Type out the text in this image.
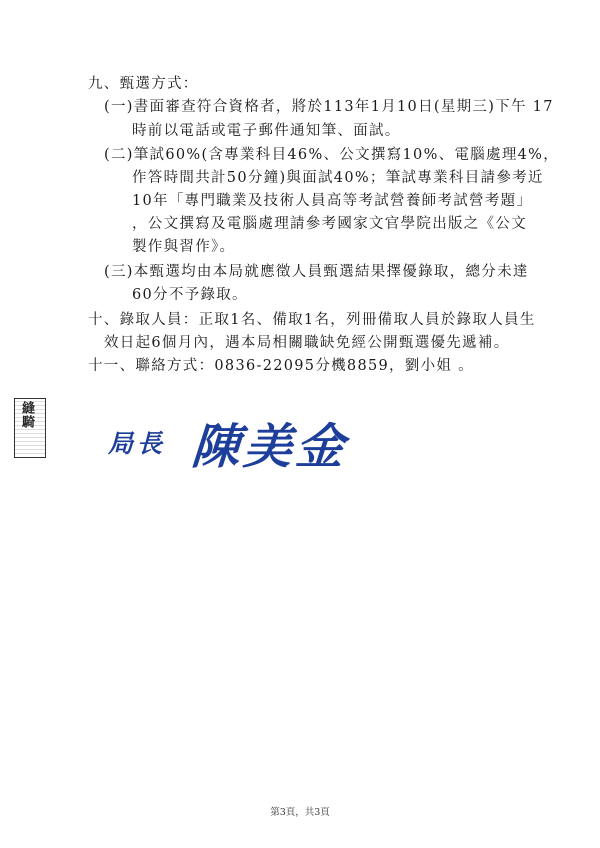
九、甄選方式：
(一)書面審查符合資格者，將於113年1月10日(星期三)下午 17
時前以電話或電子郵件通知筆、面試。
(二)筆試60%(含專業科目46%、公文撰寫10%、電腦處理4%，
作答時間共計50分鐘)與面試40%；筆試專業科目請參考近
10年「專門職業及技術人員高等考試營養師考試營考題」
，公文撰寫及電腦處理請參考國家文官學院出版之《公文
製作與習作》。
(三)本甄選均由本局就應徵人員甄選結果擇優錄取，總分未達
60分不予錄取。
十、錄取人員：正取1名、備取1名，列冊備取人員於錄取人員生
效日起6個月內，遇本局相關職缺免經公開甄選優先遞補。
十一、聯絡方式：0836-22095分機8859，劉小姐 。
縫騎
局長 陳美金
第3頁，共3頁
